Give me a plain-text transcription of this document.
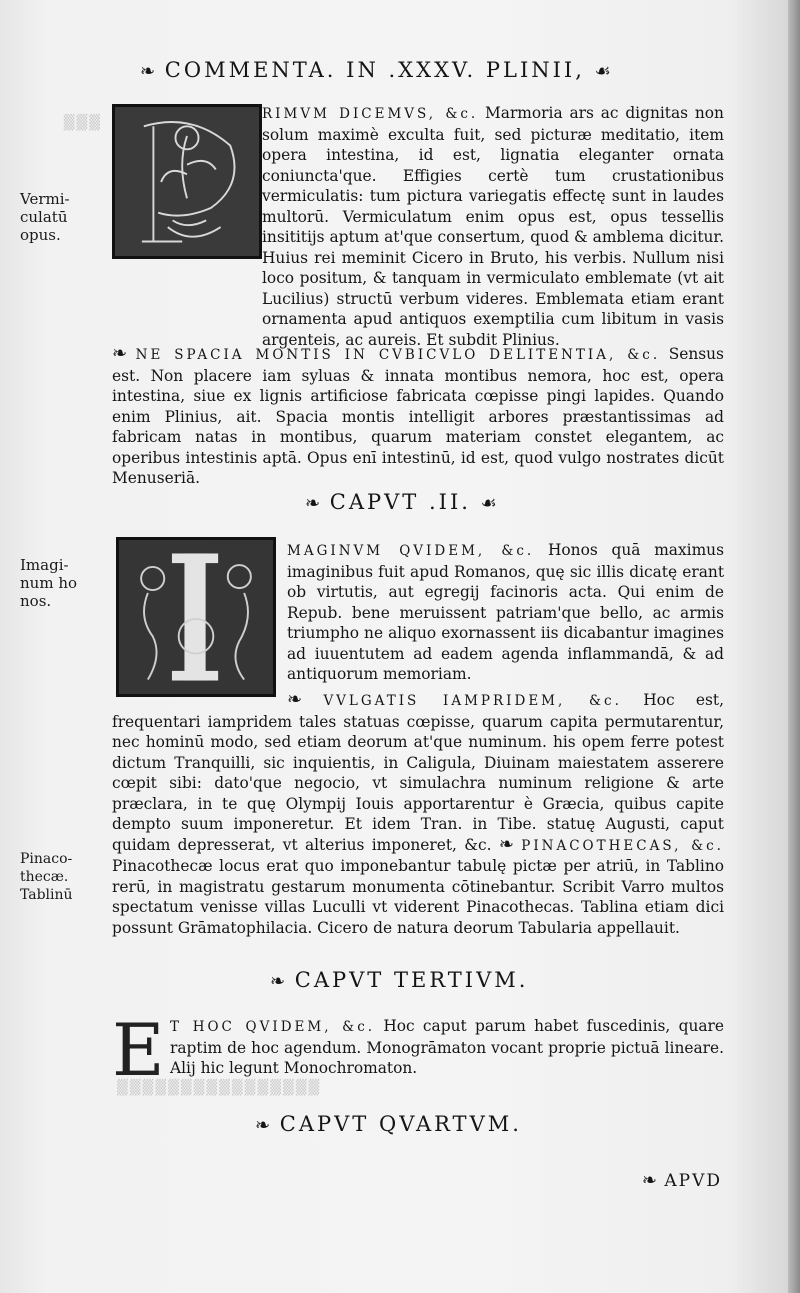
▒▒▒
❧ COMMENTA. IN .XXXV. PLINII, ☙
Vermi-
culatū
opus.
Imagi-
num ho
nos.
Pinaco-
thecæ.
Tablinū

RIMVM DICEMVS, &c. Marmoria ars ac dignitas non solum maximè exculta fuit, sed picturæ meditatio, item opera intestina, id est, lignatia eleganter ornata coniuncta'que. Effigies certè tum crustationibus vermiculatis: tum pictura variegatis effectę sunt in laudes multorū. Vermiculatum enim opus est, opus tessellis insititijs aptum at'que consertum, quod & amblema dicitur. Huius rei meminit Cicero in Bruto, his verbis. Nullum nisi loco positum, & tanquam in vermiculato emblemate (vt ait Lucilius) structū verbum videres. Emblemata etiam erant ornamenta apud antiquos exemptilia cum libitum in vasis argenteis, ac aureis. Et subdit Plinius.

❧ NE SPACIA MONTIS IN CVBICVLO DELITENTIA, &c. Sensus est. Non placere iam syluas & innata montibus nemora, hoc est, opera intestina, siue ex lignis artificiose fabricata cœpisse pingi lapides. Quando enim Plinius, ait. Spacia montis intelligit arbores præstantissimas ad fabricam natas in montibus, quarum materiam constet elegantem, ac operibus intestinis aptā. Opus enī intestinū, id est, quod vulgo nostrates dicūt Menuseriā.

❧ CAPVT .II. ☙

MAGINVM QVIDEM, &c. Honos quā maximus imaginibus fuit apud Romanos, quę sic illis dicatę erant ob virtutis, aut egregij facinoris acta. Qui enim de Repub. bene meruissent patriam'que bello, ac armis triumpho ne aliquo exornassent iis dicabantur imagines ad iuuentutem ad eadem agenda inflammandā, & ad antiquorum memoriam.

❧ VVLGATIS IAMPRIDEM, &c. Hoc est, frequentari iampridem tales statuas cœpisse, quarum capita permutarentur, nec hominū modo, sed etiam deorum at'que numinum. his opem ferre potest dictum Tranquilli, sic inquientis, in Caligula, Diuinam maiestatem asserere cœpit sibi: dato'que negocio, vt simulachra numinum religione & arte præclara, in te quę Olympij Iouis apportarentur è Græcia, quibus capite dempto suum imponeretur. Et idem Tran. in Tibe. statuę Augusti, caput quidam depresserat, vt alterius imponeret, &c. ❧ PINACOTHECAS, &c. Pinacothecæ locus erat quo imponebantur tabulę pictæ per atriū, in Tablino rerū, in magistratu gestarum monumenta cōtinebantur. Scribit Varro multos spectatum venisse villas Luculli vt viderent Pinacothecas. Tablina etiam dici possunt Grāmatophilacia. Cicero de natura deorum Tabularia appellauit.

❧ CAPVT TERTIVM.
E T HOC QVIDEM, &c. Hoc caput parum habet fuscedinis, quare raptim de hoc agendum. Monogrāmaton vocant proprie pictuā lineare. Alij hic legunt Monochromaton.

▒▒▒▒▒▒▒▒▒▒▒▒▒▒▒▒
❧ CAPVT QVARTVM.
❧ APVD
